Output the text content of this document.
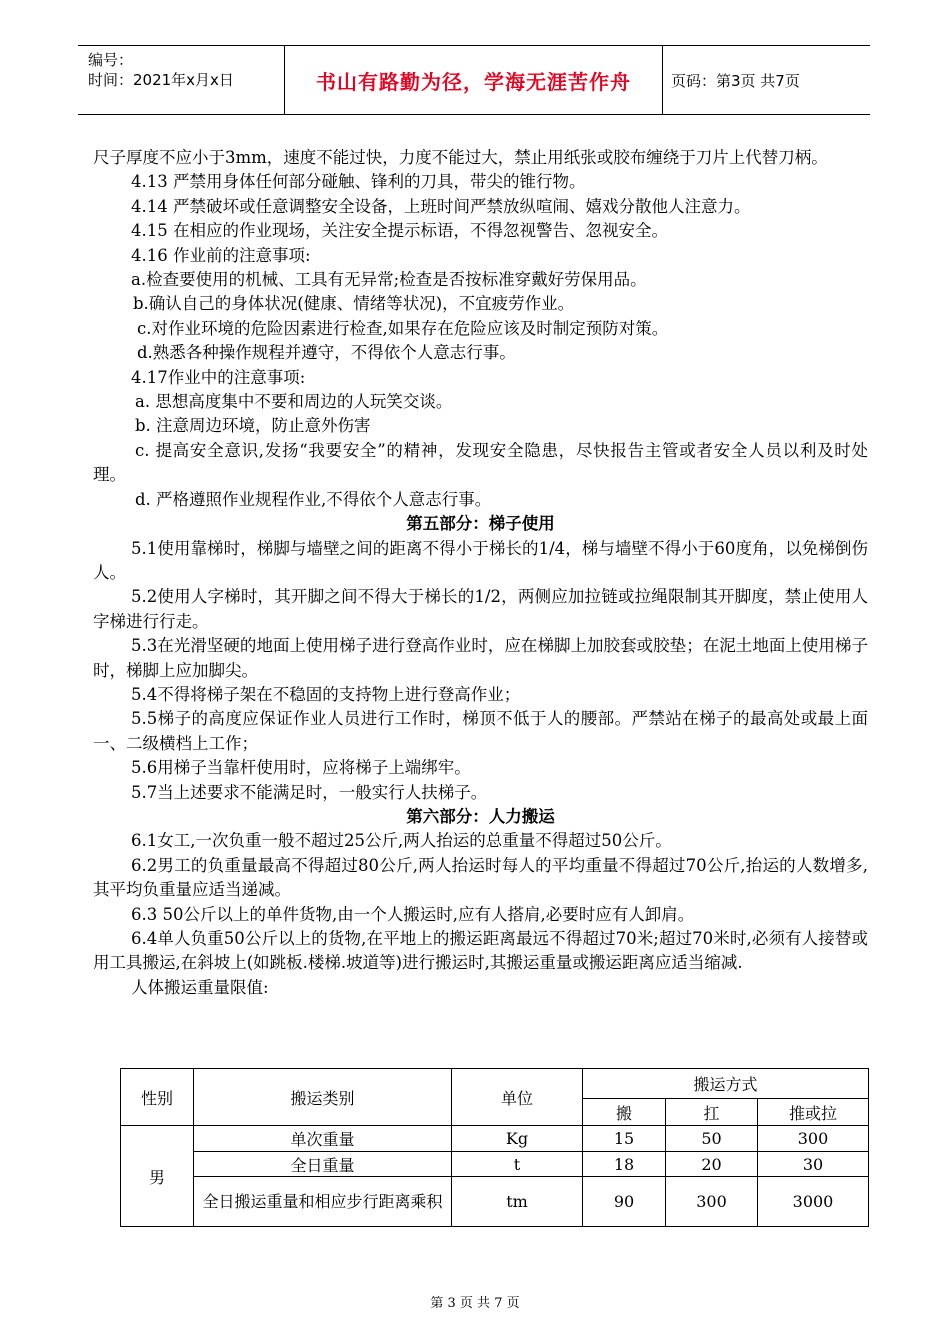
编号：
时间：2021年x月x日	书山有路勤为径，学海无涯苦作舟	页码：第3页 共7页
尺子厚度不应小于3mm，速度不能过快，力度不能过大，禁止用纸张或胶布缠绕于刀片上代替刀柄。
4.13 严禁用身体任何部分碰触、锋利的刀具，带尖的锥行物。
4.14 严禁破坏或任意调整安全设备，上班时间严禁放纵喧闹、嬉戏分散他人注意力。
4.15 在相应的作业现场，关注安全提示标语，不得忽视警告、忽视安全。
4.16 作业前的注意事项:
a.检查要使用的机械、工具有无异常;检查是否按标准穿戴好劳保用品。
b.确认自己的身体状况(健康、情绪等状况)，不宜疲劳作业。
c.对作业环境的危险因素进行检查,如果存在危险应该及时制定预防对策。
d.熟悉各种操作规程并遵守，不得依个人意志行事。
4.17作业中的注意事项:
a. 思想高度集中不要和周边的人玩笑交谈。
b. 注意周边环境，防止意外伤害
c. 提高安全意识,发扬“我要安全”的精神，发现安全隐患，尽快报告主管或者安全人员以利及时处理。
d. 严格遵照作业规程作业,不得依个人意志行事。
第五部分：梯子使用
5.1使用靠梯时，梯脚与墙壁之间的距离不得小于梯长的1/4，梯与墙壁不得小于60度角，以免梯倒伤人。
5.2使用人字梯时，其开脚之间不得大于梯长的1/2，两侧应加拉链或拉绳限制其开脚度，禁止使用人字梯进行行走。
5.3在光滑坚硬的地面上使用梯子进行登高作业时，应在梯脚上加胶套或胶垫；在泥土地面上使用梯子时，梯脚上应加脚尖。
5.4不得将梯子架在不稳固的支持物上进行登高作业；
5.5梯子的高度应保证作业人员进行工作时，梯顶不低于人的腰部。严禁站在梯子的最高处或最上面一、二级横档上工作；
5.6用梯子当靠杆使用时，应将梯子上端绑牢。
5.7当上述要求不能满足时，一般实行人扶梯子。
第六部分：人力搬运
6.1女工,一次负重一般不超过25公斤,两人抬运的总重量不得超过50公斤。
6.2男工的负重量最高不得超过80公斤,两人抬运时每人的平均重量不得超过70公斤,抬运的人数增多,其平均负重量应适当递减。
6.3 50公斤以上的单件货物,由一个人搬运时,应有人搭肩,必要时应有人卸肩。
6.4单人负重50公斤以上的货物,在平地上的搬运距离最远不得超过70米;超过70米时,必须有人接替或用工具搬运,在斜坡上(如跳板.楼梯.坡道等)进行搬运时,其搬运重量或搬运距离应适当缩减.
人体搬运重量限值:
性别	搬运类别	单位	搬运方式		
			搬	扛	推或拉
男	单次重量	Kg	15	50	300
	全日重量	t	18	20	30
	全日搬运重量和相应步行距离乘积	tm	90	300	3000
第 3 页 共 7 页
